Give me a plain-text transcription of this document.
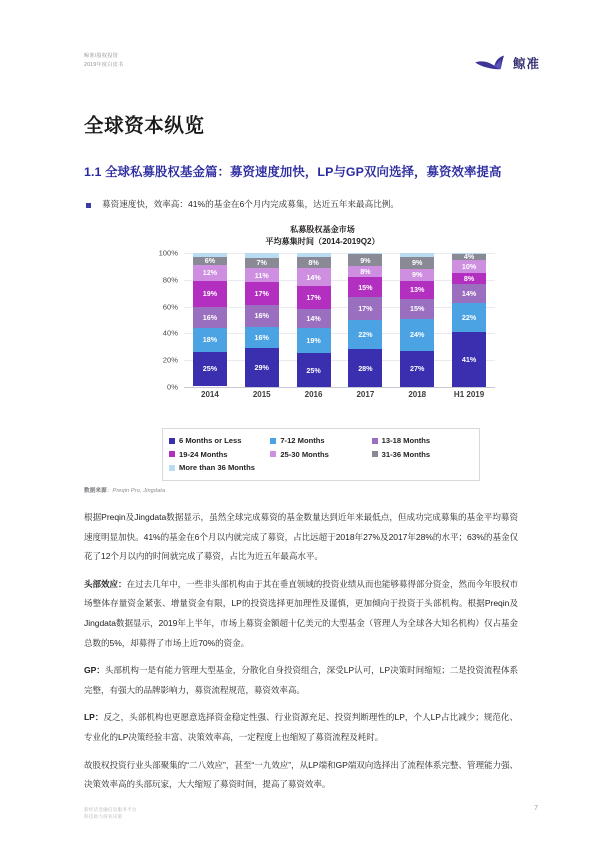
鲸准/股权投资
2019年度白皮书	鲸准
全球资本纵览
1.1 全球私募股权基金篇：募资速度加快，LP与GP双向选择，募资效率提高
募资速度快，效率高：41%的基金在6个月内完成募集，达近五年来最高比例。
私募股权基金市场
平均募集时间（2014-2019Q2）
100%
80%
60%
40%
20%
0%
6%
12%
19%
16%
18%
25%
7%
11%
17%
16%
16%
29%
8%
14%
17%
14%
19%
25%
9%
8%
15%
17%
22%
28%
9%
9%
13%
15%
24%
27%
4%
10%
8%
14%
22%
41%
2014	2015	2016	2017	2018	H1 2019
6 Months or Less	7-12 Months	13-18 Months
19-24 Months	25-30 Months	31-36 Months
More than 36 Months
数据来源：Preqin Pro, Jingdata

根据Preqin及Jingdata数据显示，虽然全球完成募资的基金数量达到近年来最低点，但成功完成募集的基金平均募资速度明显加快。41%的基金在6个月以内就完成了募资，占比远超于2018年27%及2017年28%的水平；63%的基金仅花了12个月以内的时间就完成了募资，占比为近五年最高水平。

头部效应：在过去几年中，一些非头部机构由于其在垂直领域的投资业绩从而也能够募得部分资金，然而今年股权市场整体存量资金紧张、增量资金有限，LP的投资选择更加理性及谨慎，更加倾向于投资于头部机构。根据Preqin及Jingdata数据显示，2019年上半年，市场上募资金额超十亿美元的大型基金（管理人为全球各大知名机构）仅占基金总数的5%，却募得了市场上近70%的资金。

GP：头部机构一是有能力管理大型基金，分散化自身投资组合，深受LP认可，LP决策时间缩短；二是投资流程体系完整，有强大的品牌影响力，募资流程规范，募资效率高。

LP：反之，头部机构也更愿意选择资金稳定性强、行业资源充足、投资判断理性的LP，个人LP占比减少；规范化、专业化的LP决策经验丰富、决策效率高，一定程度上也缩短了募资流程及耗时。

故股权投资行业头部聚集的“二八效应”，甚至“一九效应”，从LP端和GP端双向选择出了流程体系完整、管理能力强、决策效率高的头部玩家，大大缩短了募资时间，提高了募资效率。

新经济金融信息服务平台
科技助力商业决策
7
